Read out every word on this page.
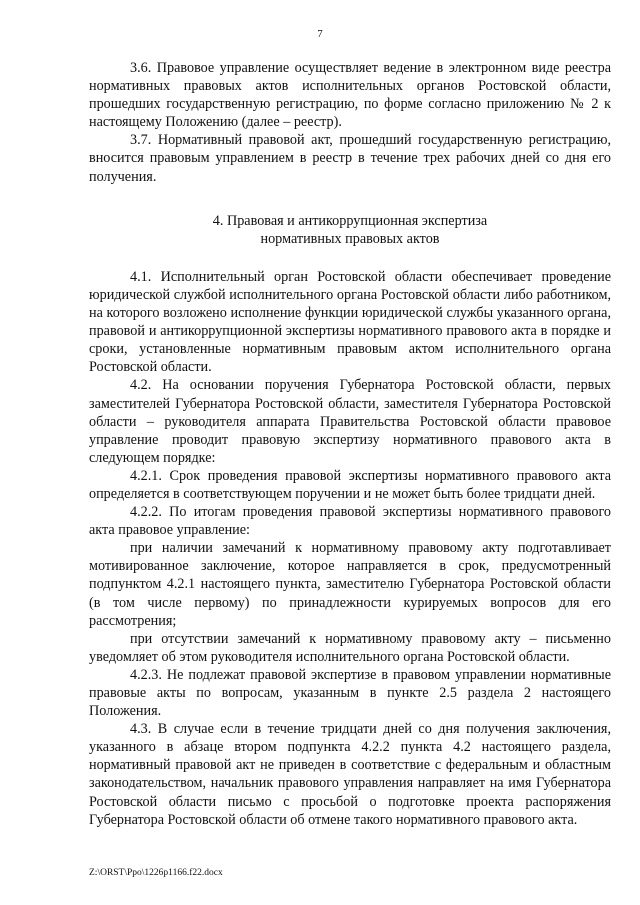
7

3.6. Правовое управление осуществляет ведение в электронном виде реестра нормативных правовых актов исполнительных органов Ростовской области, прошедших государственную регистрацию, по форме согласно приложению № 2 к настоящему Положению (далее – реестр).

3.7. Нормативный правовой акт, прошедший государственную регистрацию, вносится правовым управлением в реестр в течение трех рабочих дней со дня его получения.

4. Правовая и антикоррупционная экспертиза
нормативных правовых актов

4.1. Исполнительный орган Ростовской области обеспечивает проведение юридической службой исполнительного органа Ростовской области либо работником, на которого возложено исполнение функции юридической службы указанного органа, правовой и антикоррупционной экспертизы нормативного правового акта в порядке и сроки, установленные нормативным правовым актом исполнительного органа Ростовской области.

4.2. На основании поручения Губернатора Ростовской области, первых заместителей Губернатора Ростовской области, заместителя Губернатора Ростовской области – руководителя аппарата Правительства Ростовской области правовое управление проводит правовую экспертизу нормативного правового акта в следующем порядке:

4.2.1. Срок проведения правовой экспертизы нормативного правового акта определяется в соответствующем поручении и не может быть более тридцати дней.

4.2.2. По итогам проведения правовой экспертизы нормативного правового акта правовое управление:

при наличии замечаний к нормативному правовому акту подготавливает мотивированное заключение, которое направляется в срок, предусмотренный подпунктом 4.2.1 настоящего пункта, заместителю Губернатора Ростовской области (в том числе первому) по принадлежности курируемых вопросов для его рассмотрения;

при отсутствии замечаний к нормативному правовому акту – письменно уведомляет об этом руководителя исполнительного органа Ростовской области.

4.2.3. Не подлежат правовой экспертизе в правовом управлении нормативные правовые акты по вопросам, указанным в пункте 2.5 раздела 2 настоящего Положения.

4.3. В случае если в течение тридцати дней со дня получения заключения, указанного в абзаце втором подпункта 4.2.2 пункта 4.2 настоящего раздела, нормативный правовой акт не приведен в соответствие с федеральным и областным законодательством, начальник правового управления направляет на имя Губернатора Ростовской области письмо с просьбой о подготовке проекта распоряжения Губернатора Ростовской области об отмене такого нормативного правового акта.

Z:\ORST\Ppo\1226p1166.f22.docx
